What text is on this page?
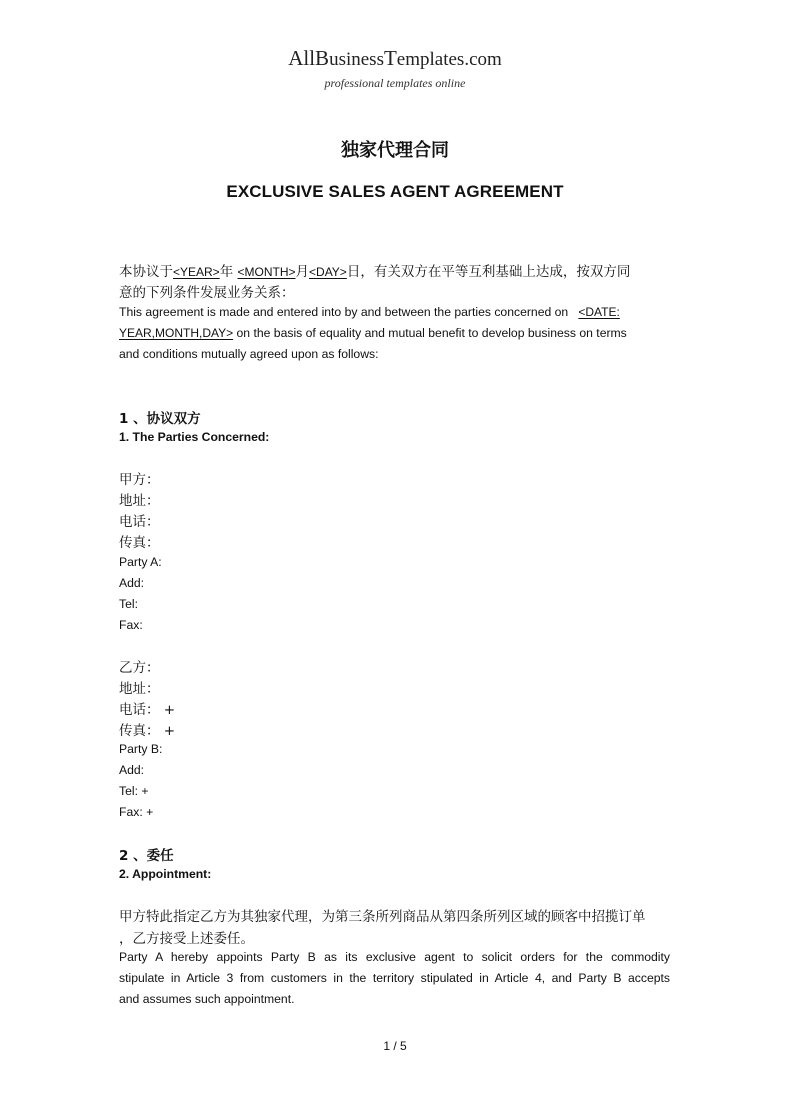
AllBusinessTemplates.com
professional templates online
独家代理合同
EXCLUSIVE SALES AGENT AGREEMENT
本协议于<YEAR>年 <MONTH>月<DAY>日，有关双方在平等互利基础上达成，按双方同
意的下列条件发展业务关系：
This agreement is made and entered into by and between the parties concerned on <DATE:
YEAR,MONTH,DAY> on the basis of equality and mutual benefit to develop business on terms
and conditions mutually agreed upon as follows:
1 、协议双方
1. The Parties Concerned:
甲方：
地址：
电话：
传真：
Party A:
Add:
Tel:
Fax:
乙方：
地址：
电话： +
传真： +
Party B:
Add:
Tel: +
Fax: +
2 、委任
2. Appointment:
甲方特此指定乙方为其独家代理，为第三条所列商品从第四条所列区域的顾客中招揽订单
，乙方接受上述委任。
Party A hereby appoints Party B as its exclusive agent to solicit orders for the commodity
stipulate in Article 3 from customers in the territory stipulated in Article 4, and Party B accepts
and assumes such appointment.
1 / 5
